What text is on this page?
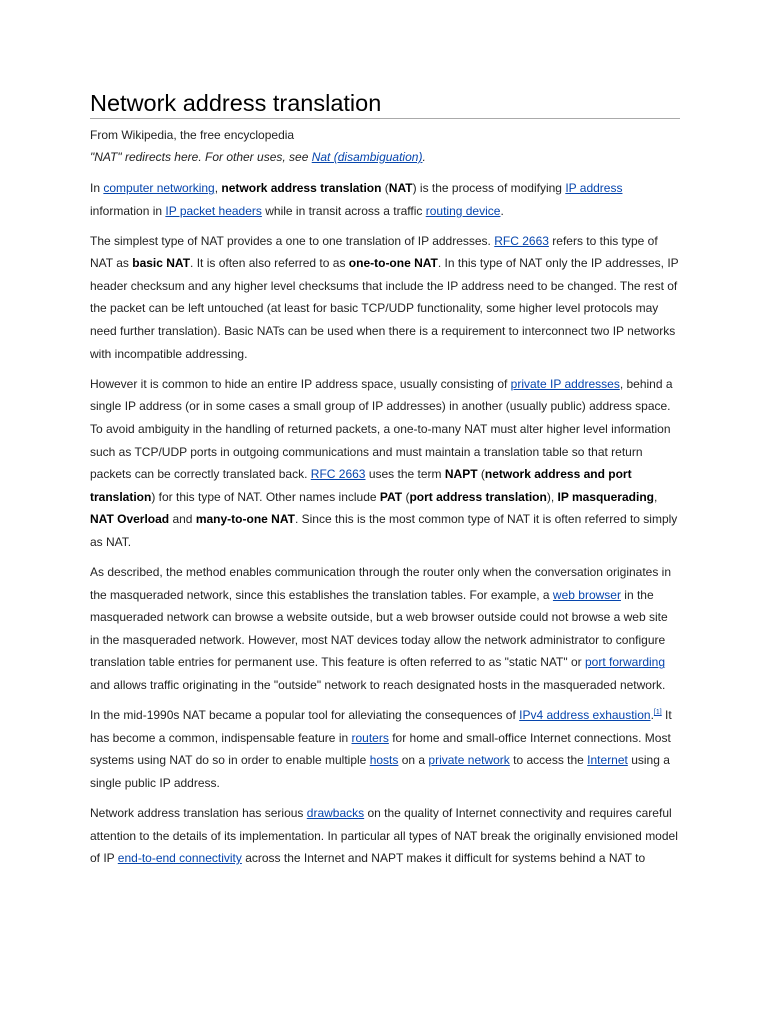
Network address translation
From Wikipedia, the free encyclopedia
"NAT" redirects here. For other uses, see Nat (disambiguation).

In computer networking, network address translation (NAT) is the process of modifying IP address information in IP packet headers while in transit across a traffic routing device.

The simplest type of NAT provides a one to one translation of IP addresses. RFC 2663 refers to this type of NAT as basic NAT. It is often also referred to as one-to-one NAT. In this type of NAT only the IP addresses, IP header checksum and any higher level checksums that include the IP address need to be changed. The rest of the packet can be left untouched (at least for basic TCP/UDP functionality, some higher level protocols may need further translation). Basic NATs can be used when there is a requirement to interconnect two IP networks with incompatible addressing.

However it is common to hide an entire IP address space, usually consisting of private IP addresses, behind a single IP address (or in some cases a small group of IP addresses) in another (usually public) address space. To avoid ambiguity in the handling of returned packets, a one-to-many NAT must alter higher level information such as TCP/UDP ports in outgoing communications and must maintain a translation table so that return packets can be correctly translated back. RFC 2663 uses the term NAPT (network address and port translation) for this type of NAT. Other names include PAT (port address translation), IP masquerading, NAT Overload and many-to-one NAT. Since this is the most common type of NAT it is often referred to simply as NAT.

As described, the method enables communication through the router only when the conversation originates in the masqueraded network, since this establishes the translation tables. For example, a web browser in the masqueraded network can browse a website outside, but a web browser outside could not browse a web site in the masqueraded network. However, most NAT devices today allow the network administrator to configure translation table entries for permanent use. This feature is often referred to as "static NAT" or port forwarding and allows traffic originating in the "outside" network to reach designated hosts in the masqueraded network.

In the mid-1990s NAT became a popular tool for alleviating the consequences of IPv4 address exhaustion.[1] It has become a common, indispensable feature in routers for home and small-office Internet connections. Most systems using NAT do so in order to enable multiple hosts on a private network to access the Internet using a single public IP address.

Network address translation has serious drawbacks on the quality of Internet connectivity and requires careful attention to the details of its implementation. In particular all types of NAT break the originally envisioned model of IP end-to-end connectivity across the Internet and NAPT makes it difficult for systems behind a NAT to
